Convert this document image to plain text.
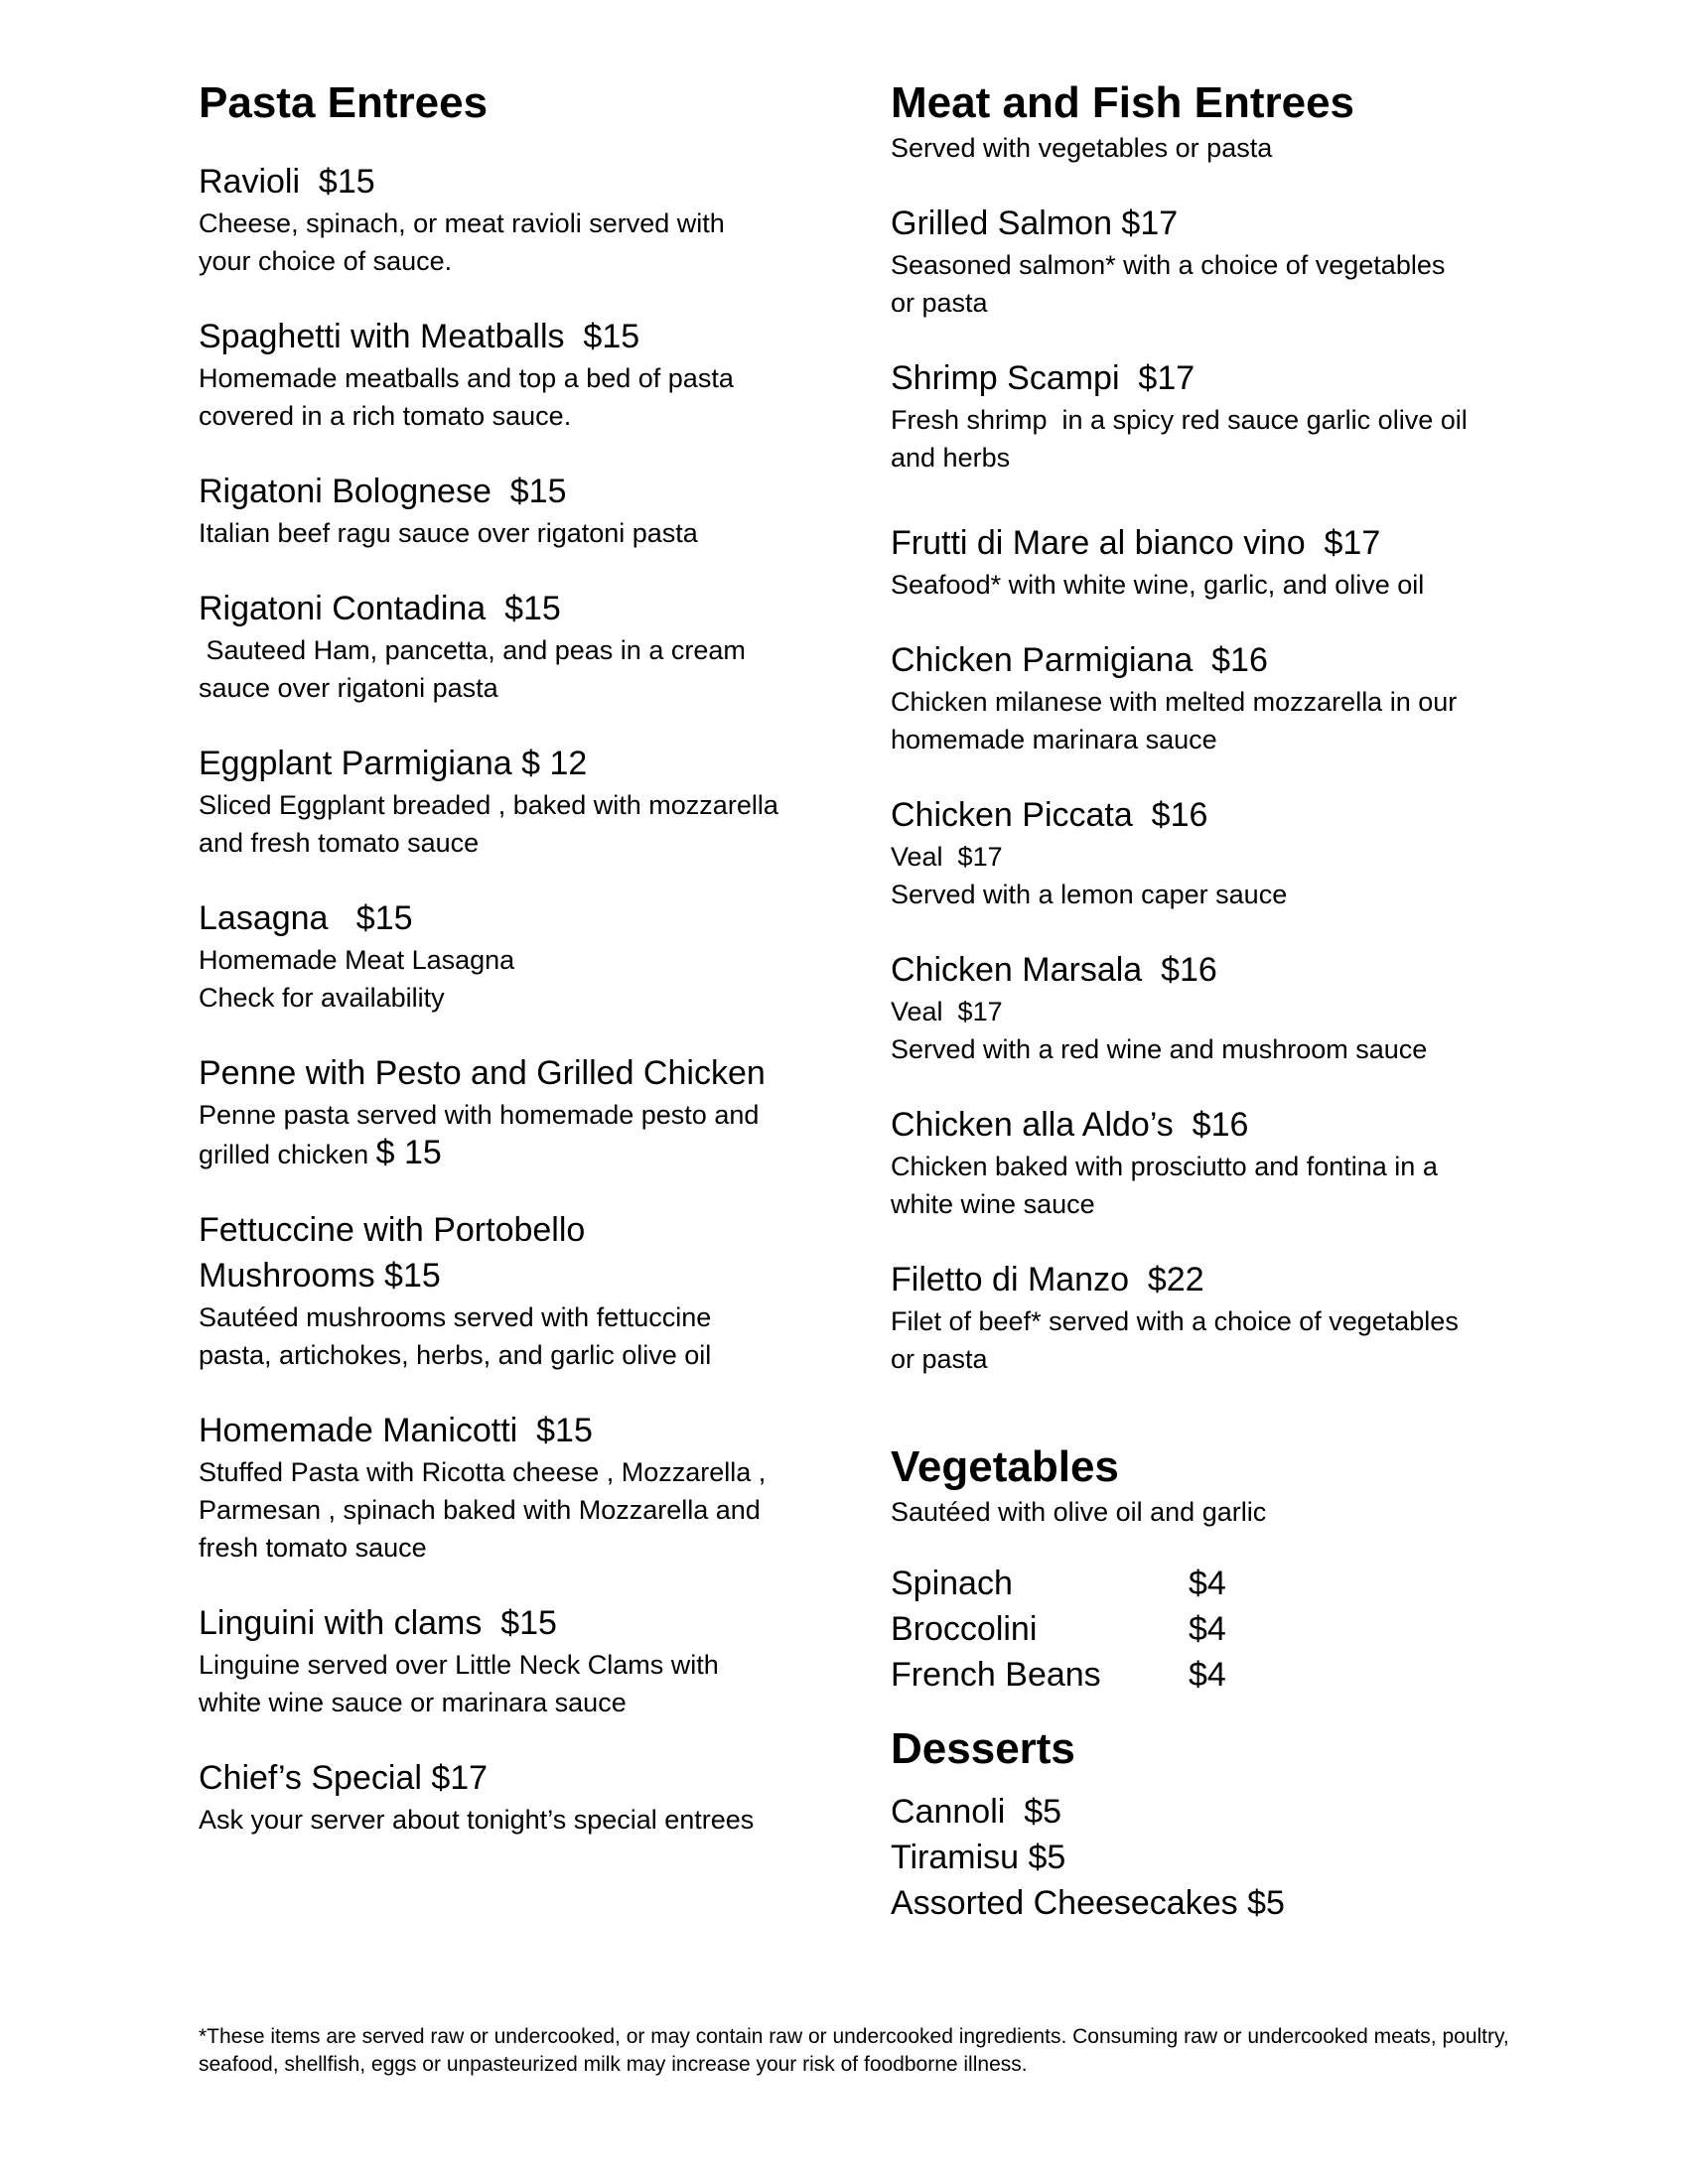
Pasta Entrees

Ravioli  $15

Cheese, spinach, or meat ravioli served with
your choice of sauce.

Spaghetti with Meatballs  $15

Homemade meatballs and top a bed of pasta
covered in a rich tomato sauce.

Rigatoni Bolognese  $15

Italian beef ragu sauce over rigatoni pasta

Rigatoni Contadina  $15

Sauteed Ham, pancetta, and peas in a cream
sauce over rigatoni pasta

Eggplant Parmigiana $ 12

Sliced Eggplant breaded , baked with mozzarella
and fresh tomato sauce

Lasagna   $15

Homemade Meat Lasagna
Check for availability

Penne with Pesto and Grilled Chicken

Penne pasta served with homemade pesto and
grilled chicken $ 15

Fettuccine with Portobello
Mushrooms $15

Sautéed mushrooms served with fettuccine
pasta, artichokes, herbs, and garlic olive oil

Homemade Manicotti  $15

Stuffed Pasta with Ricotta cheese , Mozzarella ,
Parmesan , spinach baked with Mozzarella and
fresh tomato sauce

Linguini with clams  $15

Linguine served over Little Neck Clams with
white wine sauce or marinara sauce

Chief’s Special $17

Ask your server about tonight’s special entrees

Meat and Fish Entrees

Served with vegetables or pasta

Grilled Salmon $17

Seasoned salmon* with a choice of vegetables
or pasta

Shrimp Scampi  $17

Fresh shrimp  in a spicy red sauce garlic olive oil
and herbs

Frutti di Mare al bianco vino  $17

Seafood* with white wine, garlic, and olive oil

Chicken Parmigiana  $16

Chicken milanese with melted mozzarella in our
homemade marinara sauce

Chicken Piccata  $16

Veal  $17
Served with a lemon caper sauce

Chicken Marsala  $16

Veal  $17
Served with a red wine and mushroom sauce

Chicken alla Aldo’s  $16

Chicken baked with prosciutto and fontina in a
white wine sauce

Filetto di Manzo  $22

Filet of beef* served with a choice of vegetables
or pasta

Vegetables

Sautéed with olive oil and garlic

Spinach	$4
Broccolini	$4
French Beans	$4
Desserts
Cannoli  $5
Tiramisu $5
Assorted Cheesecakes $5

*These items are served raw or undercooked, or may contain raw or undercooked ingredients. Consuming raw or undercooked meats, poultry, seafood, shellfish, eggs or unpasteurized milk may increase your risk of foodborne illness.
